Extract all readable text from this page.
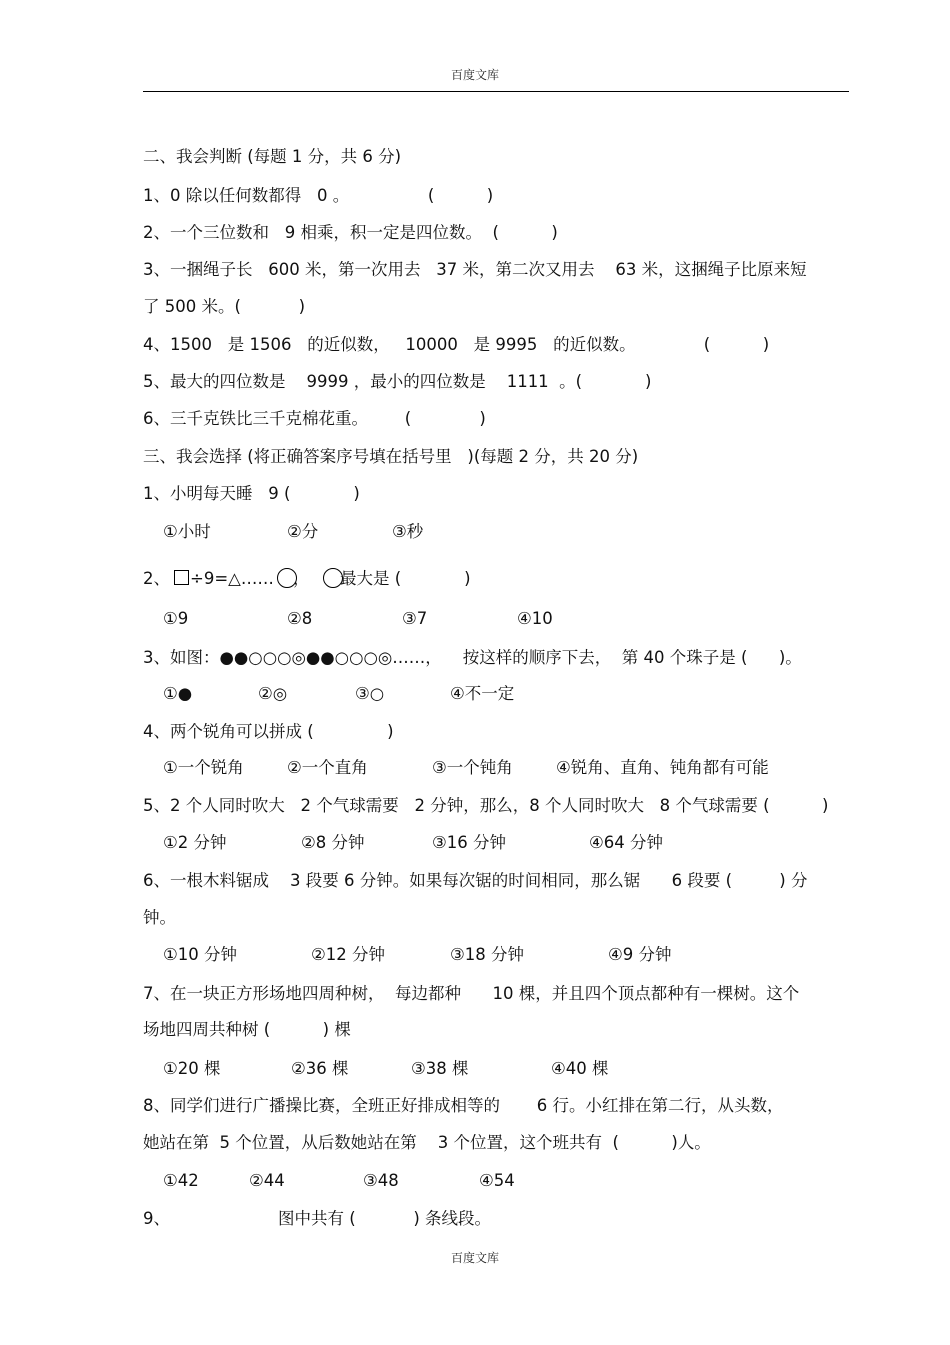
百度文库
二、我会判断 (每题 1 分，共 6 分)
1、0 除以任何数都得   0 。               (          )
2、一个三位数和   9 相乘，积一定是四位数。  (          )
3、一捆绳子长   600 米，第一次用去   37 米，第二次又用去    63 米，这捆绳子比原来短
了 500 米。(           )
4、1500   是 1506   的近似数，   10000   是 9995   的近似数。             (          )
5、最大的四位数是    9999 ，最小的四位数是    1111  。(            )
6、三千克铁比三千克棉花重。       (             )
三、我会选择 (将正确答案序号填在括号里   )(每题 2 分，共 20 分)
1、小明每天睡   9 (            )
①小时	②分	③秒
2、 ÷9=△…… ， 最大是 (            )
①9	②8	③7	④10
3、如图：●●○○○◎●●○○○◎……，    按这样的顺序下去，  第 40 个珠子是 (      )。
①●	②◎	③○	④不一定
4、两个锐角可以拼成 (              )
①一个锐角	②一个直角	③一个钝角	④锐角、直角、钝角都有可能
5、2 个人同时吹大   2 个气球需要   2 分钟，那么，8 个人同时吹大   8 个气球需要 (          )
①2 分钟	②8 分钟	③16 分钟	④64 分钟
6、一根木料锯成    3 段要 6 分钟。如果每次锯的时间相同，那么锯      6 段要 (         ) 分
钟。
①10 分钟	②12 分钟	③18 分钟	④9 分钟
7、在一块正方形场地四周种树，  每边都种      10 棵，并且四个顶点都种有一棵树。这个
场地四周共种树 (          ) 棵
①20 棵	②36 棵	③38 棵	④40 棵
8、同学们进行广播操比赛，全班正好排成相等的       6 行。小红排在第二行，从头数，
她站在第  5 个位置，从后数她站在第    3 个位置，这个班共有  (          )人。
①42	②44	③48	④54
9、	图中共有 (           ) 条线段。
百度文库
